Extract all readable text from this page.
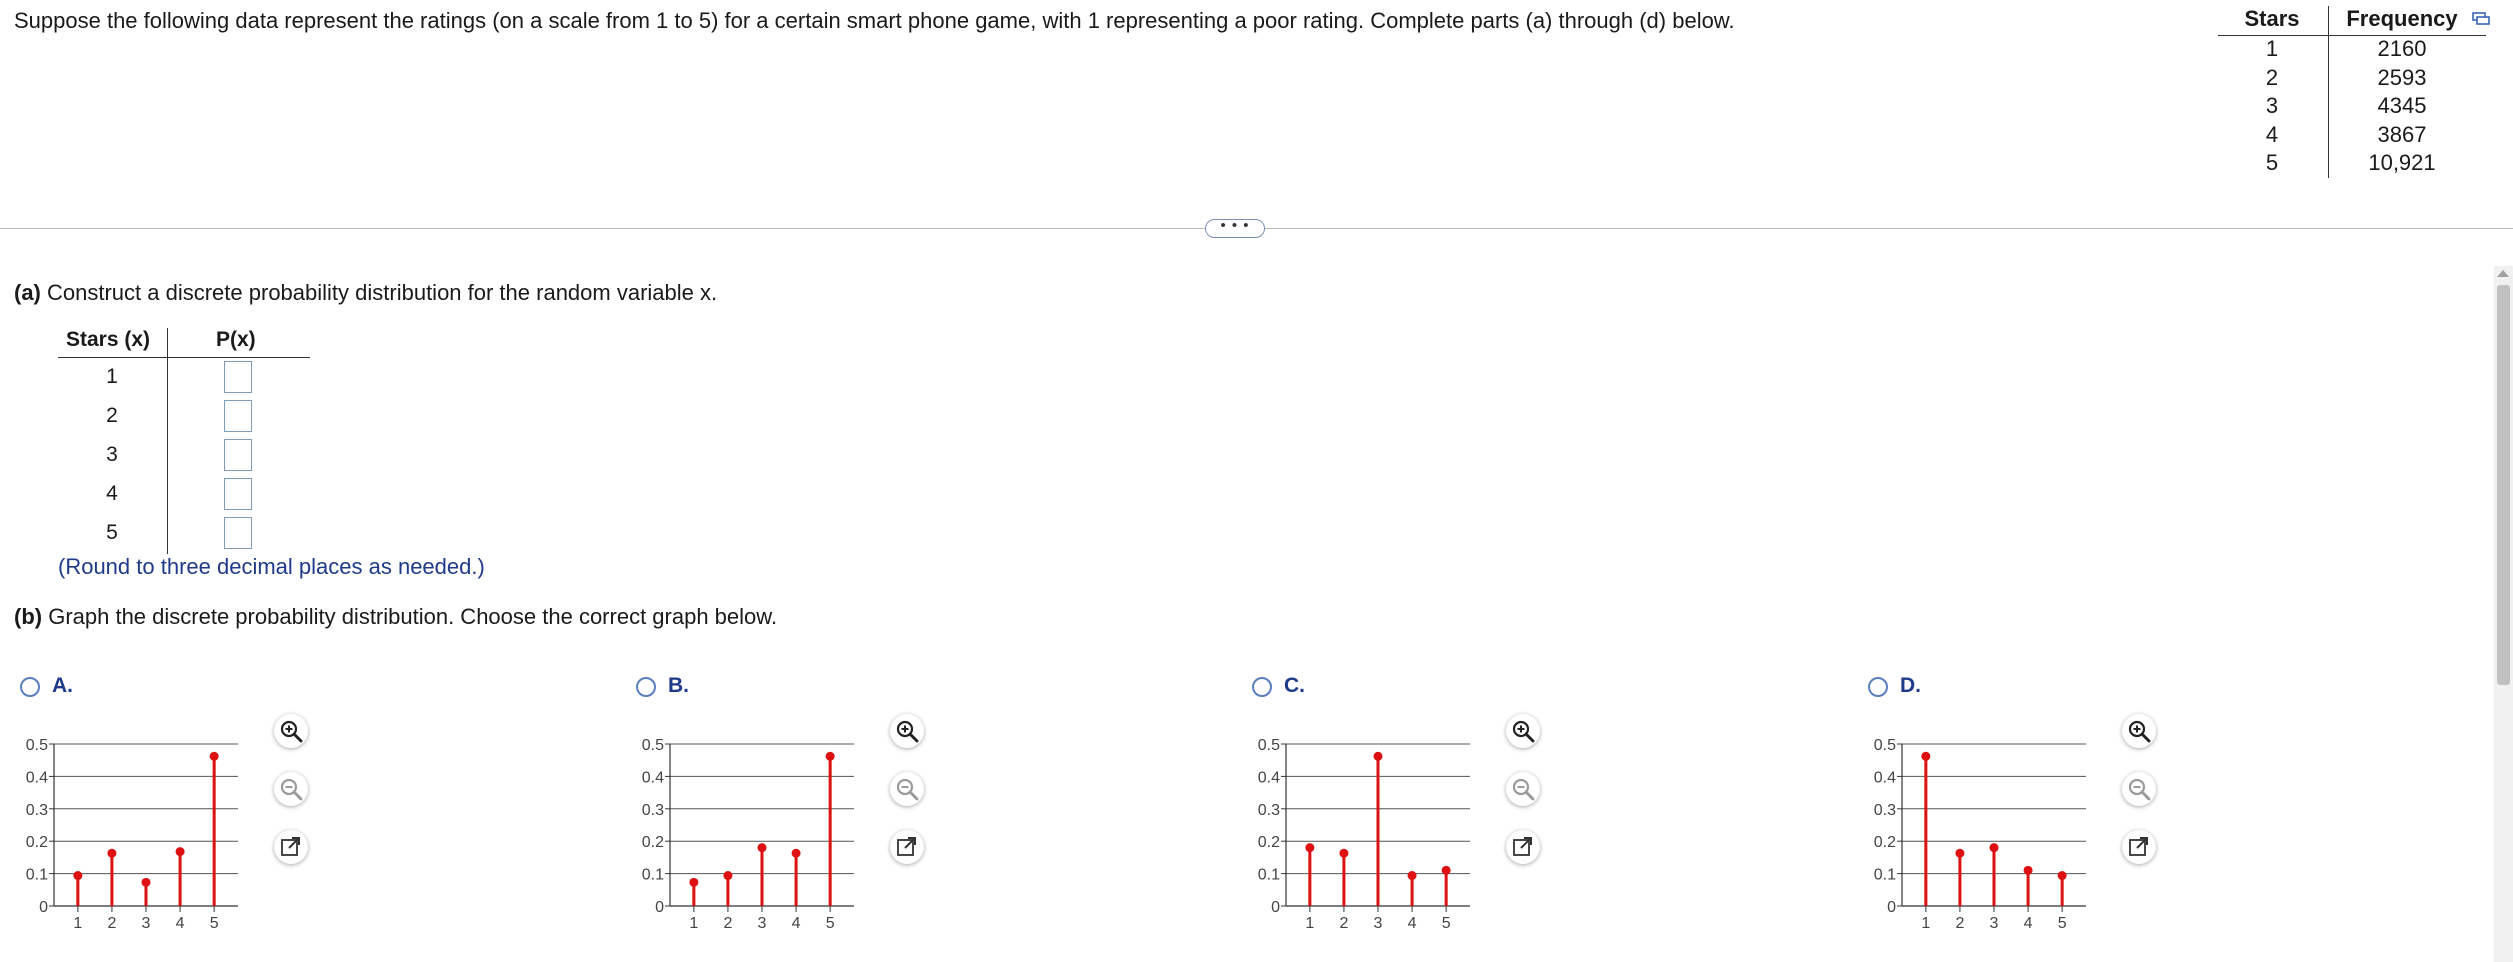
Suppose the following data represent the ratings (on a scale from 1 to 5) for a certain smart phone game, with 1 representing a poor rating. Complete parts (a) through (d) below.	Stars	Frequency
1	2160
2	2593
3	4345
4	3867
5	10,921
• • •
(a) Construct a discrete probability distribution for the random variable x.
Stars (x)	P(x)
1
2
3
4
5
(Round to three decimal places as needed.)
(b) Graph the discrete probability distribution. Choose the correct graph below.
A.
0
0.1
0.2
0.3
0.4
0.5
1 2 3 4 5
B.
0
0.1
0.2
0.3
0.4
0.5
1 2 3 4 5
C.
0
0.1
0.2
0.3
0.4
0.5
1 2 3 4 5
D.
0
0.1
0.2
0.3
0.4
0.5
1 2 3 4 5
